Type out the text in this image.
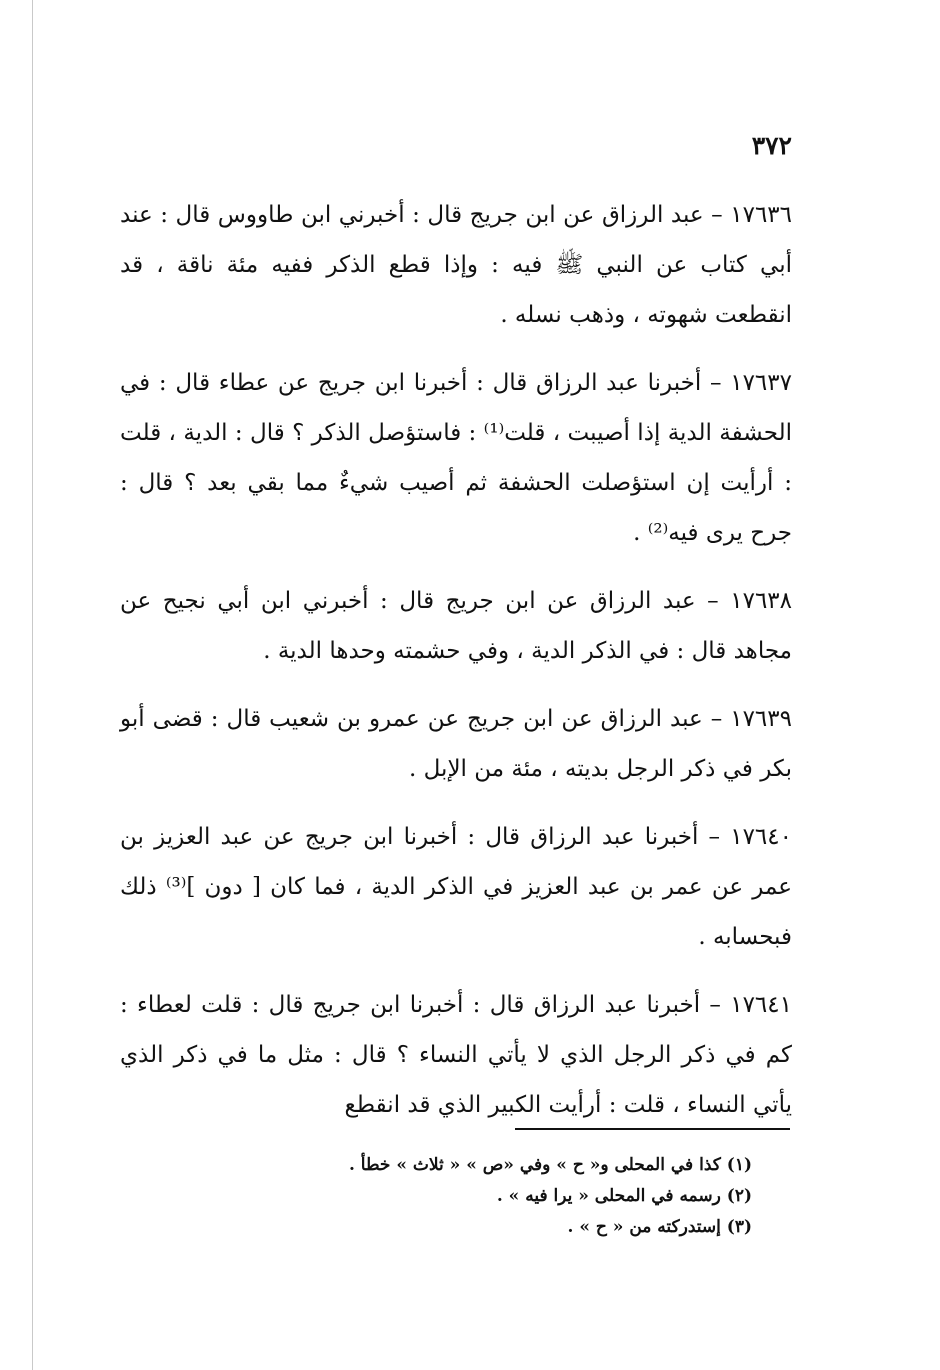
٣٧٢

١٧٦٣٦ – عبد الرزاق عن ابن جريج قال : أخبرني ابن طاووس قال : عند أبي كتاب عن النبي ﷺ فيه : وإذا قطع الذكر ففيه مئة ناقة ، قد انقطعت شهوته ، وذهب نسله .

١٧٦٣٧ – أخبرنا عبد الرزاق قال : أخبرنا ابن جريج عن عطاء قال : في الحشفة الدية إذا أصيبت ، قلت⁽¹⁾ : فاستؤصل الذكر ؟ قال : الدية ، قلت : أرأيت إن استؤصلت الحشفة ثم أصيب شيءٌ مما بقي بعد ؟ قال : جرح يرى فيه⁽²⁾ .

١٧٦٣٨ – عبد الرزاق عن ابن جريج قال : أخبرني ابن أبي نجيح عن مجاهد قال : في الذكر الدية ، وفي حشمته وحدها الدية .

١٧٦٣٩ – عبد الرزاق عن ابن جريج عن عمرو بن شعيب قال : قضى أبو بكر في ذكر الرجل بديته ، مئة من الإبل .

١٧٦٤٠ – أخبرنا عبد الرزاق قال : أخبرنا ابن جريج عن عبد العزيز بن عمر عن عمر بن عبد العزيز في الذكر الدية ، فما كان [ دون ]⁽³⁾ ذلك فبحسابه .

١٧٦٤١ – أخبرنا عبد الرزاق قال : أخبرنا ابن جريج قال : قلت لعطاء : كم في ذكر الرجل الذي لا يأتي النساء ؟ قال : مثل ما في ذكر الذي يأتي النساء ، قلت : أرأيت الكبير الذي قد انقطع

(١) كذا في المحلى و« ح » وفي «ص » « ثلاث » خطأ .

(٢) رسمه في المحلى « يرا فيه » .

(٣) إستدركته من « ح » .
